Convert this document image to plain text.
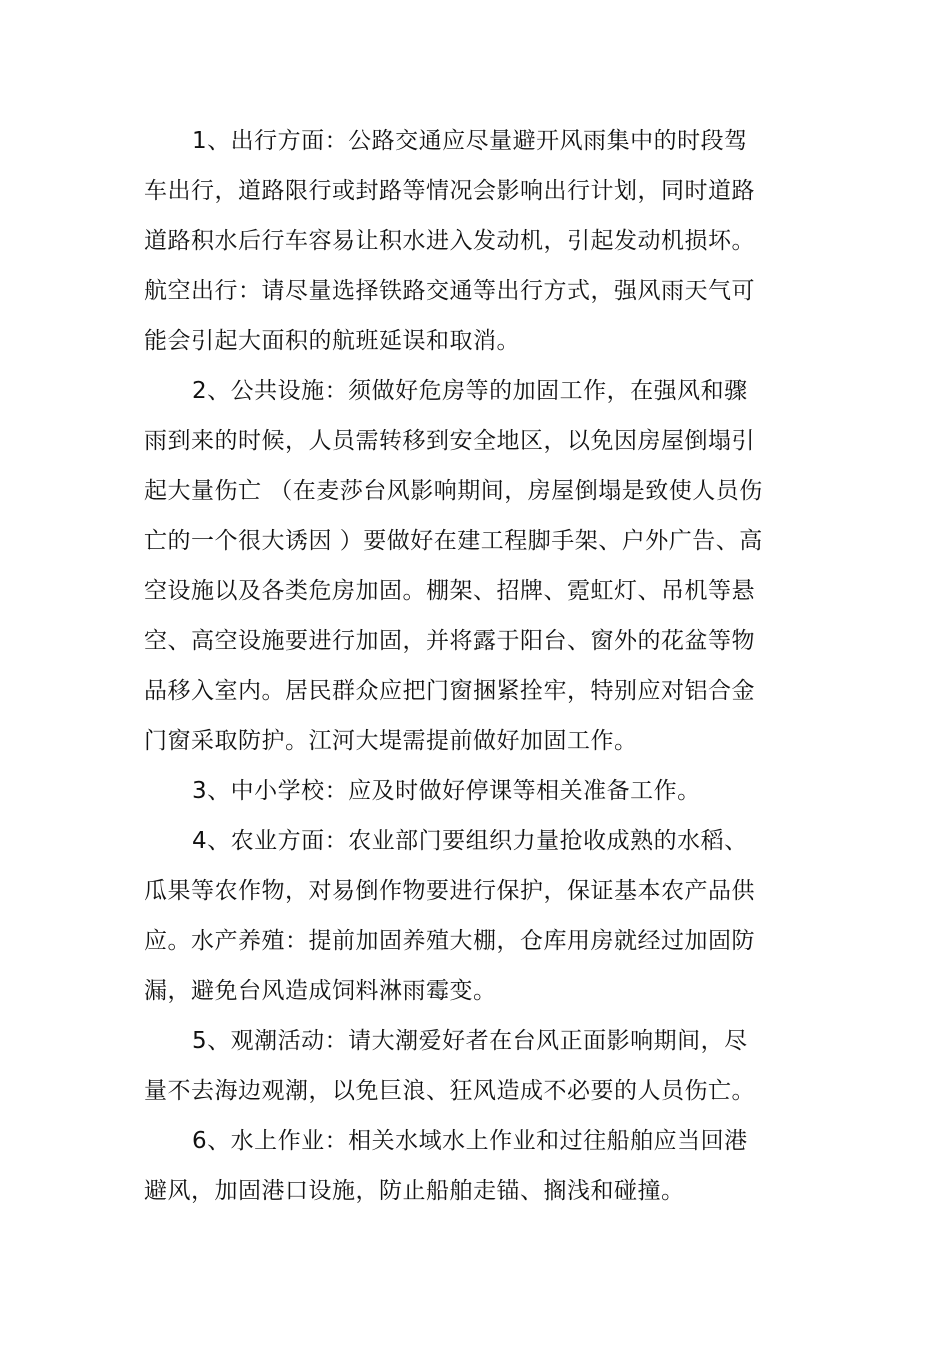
1、出行方面：公路交通应尽量避开风雨集中的时段驾
车出行，道路限行或封路等情况会影响出行计划，同时道路
道路积水后行车容易让积水进入发动机，引起发动机损坏。
航空出行：请尽量选择铁路交通等出行方式，强风雨天气可
能会引起大面积的航班延误和取消。
2、公共设施：须做好危房等的加固工作，在强风和骤
雨到来的时候，人员需转移到安全地区，以免因房屋倒塌引
起大量伤亡 （在麦莎台风影响期间，房屋倒塌是致使人员伤
亡的一个很大诱因 ）要做好在建工程脚手架、户外广告、高
空设施以及各类危房加固。棚架、招牌、霓虹灯、吊机等悬
空、高空设施要进行加固，并将露于阳台、窗外的花盆等物
品移入室内。居民群众应把门窗捆紧拴牢，特别应对铝合金
门窗采取防护。江河大堤需提前做好加固工作。
3、中小学校：应及时做好停课等相关准备工作。
4、农业方面：农业部门要组织力量抢收成熟的水稻、
瓜果等农作物，对易倒作物要进行保护，保证基本农产品供
应。水产养殖：提前加固养殖大棚，仓库用房就经过加固防
漏，避免台风造成饲料淋雨霉变。
5、观潮活动：请大潮爱好者在台风正面影响期间，尽
量不去海边观潮，以免巨浪、狂风造成不必要的人员伤亡。
6、水上作业：相关水域水上作业和过往船舶应当回港
避风，加固港口设施，防止船舶走锚、搁浅和碰撞。
